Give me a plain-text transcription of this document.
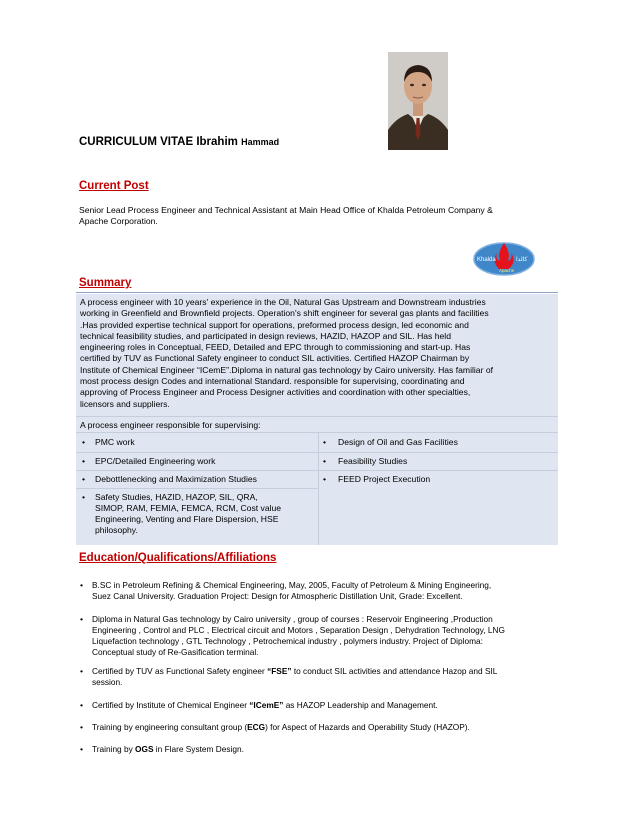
CURRICULUM VITAE Ibrahim Hammad
Current Post
Senior Lead Process Engineer and Technical Assistant at Main Head Office of Khalda Petroleum Company &
Apache Corporation.
Khalda	كالدا
Apache
Summary
A process engineer with 10 years' experience in the Oil, Natural Gas Upstream and Downstream industries
working in Greenfield and Brownfield projects. Operation's shift engineer for several gas plants and facilities
.Has provided expertise technical support for operations, preformed process design, led economic and
technical feasibility studies, and participated in design reviews, HAZID, HAZOP and SIL. Has held
engineering roles in Conceptual, FEED, Detailed and EPC through to commissioning and start-up. Has
certified by TUV as Functional Safety engineer to conduct SIL activities. Certified HAZOP Chairman by
Institute of Chemical Engineer “ICemE”.Diploma in natural gas technology by Cairo university. Has familiar of
most process design Codes and international Standard. responsible for supervising, coordinating and
approving of Process Engineer and Process Designer activities and coordination with other specialties,
licensors and suppliers.
A process engineer responsible for supervising:
• PMC work
• EPC/Detailed Engineering work
• Debottlenecking and Maximization Studies
• Safety Studies, HAZID, HAZOP, SIL, QRA,
SIMOP, RAM, FEMIA, FEMCA, RCM, Cost value
Engineering, Venting and Flare Dispersion, HSE
philosophy.
• Design of Oil and Gas Facilities
• Feasibility Studies
• FEED Project Execution
Education/Qualifications/Affiliations
• B.SC in Petroleum Refining & Chemical Engineering, May, 2005, Faculty of Petroleum & Mining Engineering,
Suez Canal University. Graduation Project: Design for Atmospheric Distillation Unit, Grade: Excellent.
• Diploma in Natural Gas technology by Cairo university , group of courses : Reservoir Engineering ,Production
Engineering , Control and PLC , Electrical circuit and Motors , Separation Design , Dehydration Technology, LNG
Liquefaction technology , GTL Technology , Petrochemical industry , polymers industry. Project of Diploma:
Conceptual study of Re-Gasification terminal.
• Certified by TUV as Functional Safety engineer “FSE” to conduct SIL activities and attendance Hazop and SIL
session.
• Certified by Institute of Chemical Engineer “ICemE” as HAZOP Leadership and Management.
• Training by engineering consultant group (ECG) for Aspect of Hazards and Operability Study (HAZOP).
• Training by OGS in Flare System Design.
